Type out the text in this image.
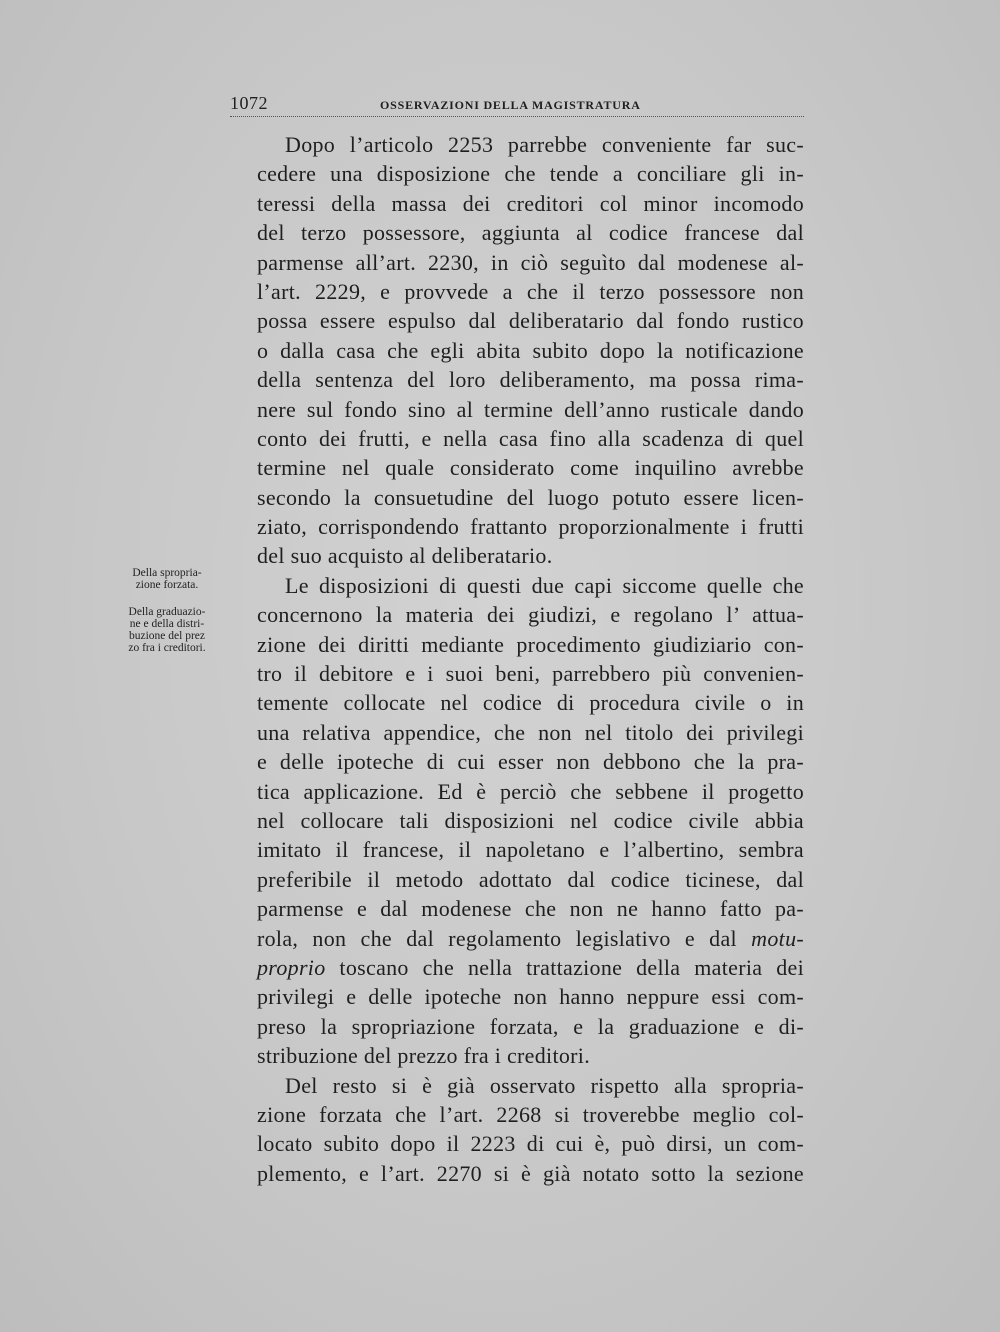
1072	OSSERVAZIONI DELLA MAGISTRATURA
Della spropria-
zione forzata.
Della graduazio-
ne e della distri-
buzione del prez
zo fra i creditori.
Dopo l’articolo 2253 parrebbe conveniente far suc-
cedere una disposizione che tende a conciliare gli in-
teressi della massa dei creditori col minor incomodo
del terzo possessore, aggiunta al codice francese dal
parmense all’art. 2230, in ciò seguìto dal modenese al-
l’art. 2229, e provvede a che il terzo possessore non
possa essere espulso dal deliberatario dal fondo rustico
o dalla casa che egli abita subito dopo la notificazione
della sentenza del loro deliberamento, ma possa rima-
nere sul fondo sino al termine dell’anno rusticale dando
conto dei frutti, e nella casa fino alla scadenza di quel
termine nel quale considerato come inquilino avrebbe
secondo la consuetudine del luogo potuto essere licen-
ziato, corrispondendo frattanto proporzionalmente i frutti
del suo acquisto al deliberatario.
Le disposizioni di questi due capi siccome quelle che
concernono la materia dei giudizi, e regolano l’ attua-
zione dei diritti mediante procedimento giudiziario con-
tro il debitore e i suoi beni, parrebbero più convenien-
temente collocate nel codice di procedura civile o in
una relativa appendice, che non nel titolo dei privilegi
e delle ipoteche di cui esser non debbono che la pra-
tica applicazione. Ed è perciò che sebbene il progetto
nel collocare tali disposizioni nel codice civile abbia
imitato il francese, il napoletano e l’albertino, sembra
preferibile il metodo adottato dal codice ticinese, dal
parmense e dal modenese che non ne hanno fatto pa-
rola, non che dal regolamento legislativo e dal motu-
proprio toscano che nella trattazione della materia dei
privilegi e delle ipoteche non hanno neppure essi com-
preso la spropriazione forzata, e la graduazione e di-
stribuzione del prezzo fra i creditori.
Del resto si è già osservato rispetto alla spropria-
zione forzata che l’art. 2268 si troverebbe meglio col-
locato subito dopo il 2223 di cui è, può dirsi, un com-
plemento, e l’art. 2270 si è già notato sotto la sezione
